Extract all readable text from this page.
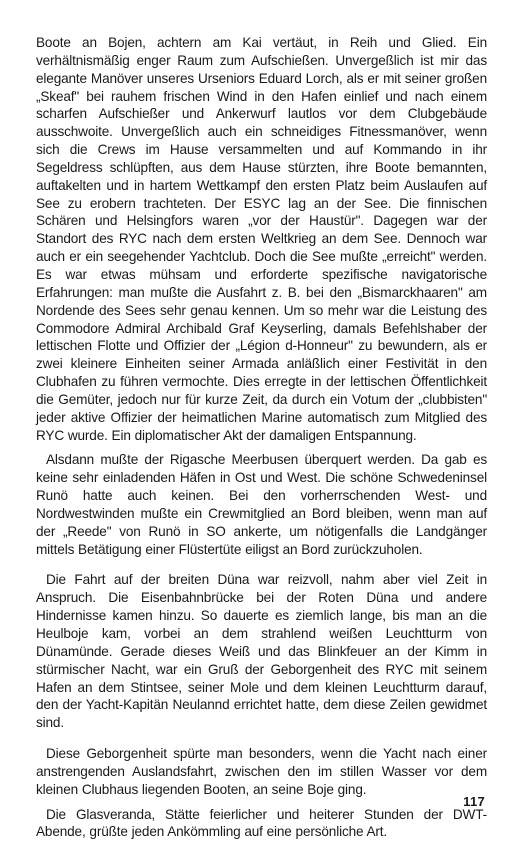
Boote an Bojen, achtern am Kai vertäut, in Reih und Glied. Ein verhältnismäßig enger Raum zum Aufschießen. Unvergeßlich ist mir das elegante Manöver unseres Urseniors Eduard Lorch, als er mit seiner großen „Skeaf" bei rauhem frischen Wind in den Hafen einlief und nach einem scharfen Aufschießer und Ankerwurf lautlos vor dem Clubgebäude ausschwoite. Unvergeßlich auch ein schneidiges Fitnessmanöver, wenn sich die Crews im Hause versammelten und auf Kommando in ihr Segeldress schlüpften, aus dem Hause stürzten, ihre Boote bemannten, auftakelten und in hartem Wettkampf den ersten Platz beim Auslaufen auf See zu erobern trachteten. Der ESYC lag an der See. Die finnischen Schären und Helsingfors waren „vor der Haustür". Dagegen war der Standort des RYC nach dem ersten Weltkrieg an dem See. Dennoch war auch er ein seegehender Yachtclub. Doch die See mußte „erreicht" werden. Es war etwas mühsam und erforderte spezifische navigatorische Erfahrungen: man mußte die Ausfahrt z. B. bei den „Bismarckhaaren" am Nordende des Sees sehr genau kennen. Um so mehr war die Leistung des Commodore Admiral Archibald Graf Keyserling, damals Befehlshaber der lettischen Flotte und Offizier der „Légion d-Honneur" zu bewundern, als er zwei kleinere Einheiten seiner Armada anläßlich einer Festivität in den Clubhafen zu führen vermochte. Dies erregte in der lettischen Öffentlichkeit die Gemüter, jedoch nur für kurze Zeit, da durch ein Votum der „clubbisten" jeder aktive Offizier der heimatlichen Marine automatisch zum Mitglied des RYC wurde. Ein diplomatischer Akt der damaligen Entspannung.

Alsdann mußte der Rigasche Meerbusen überquert werden. Da gab es keine sehr einladenden Häfen in Ost und West. Die schöne Schwedeninsel Runö hatte auch keinen. Bei den vorherrschenden West- und Nordwestwinden mußte ein Crewmitglied an Bord bleiben, wenn man auf der „Reede" von Runö in SO ankerte, um nötigenfalls die Landgänger mittels Betätigung einer Flüstertüte eiligst an Bord zurückzuholen.

Die Fahrt auf der breiten Düna war reizvoll, nahm aber viel Zeit in Anspruch. Die Eisenbahnbrücke bei der Roten Düna und andere Hindernisse kamen hinzu. So dauerte es ziemlich lange, bis man an die Heulboje kam, vorbei an dem strahlend weißen Leuchtturm von Dünamünde. Gerade dieses Weiß und das Blinkfeuer an der Kimm in stürmischer Nacht, war ein Gruß der Geborgenheit des RYC mit seinem Hafen an dem Stintsee, seiner Mole und dem kleinen Leuchtturm darauf, den der Yacht-Kapitän Neulannd errichtet hatte, dem diese Zeilen gewidmet sind.

Diese Geborgenheit spürte man besonders, wenn die Yacht nach einer anstrengenden Auslandsfahrt, zwischen den im stillen Wasser vor dem kleinen Clubhaus liegenden Booten, an seine Boje ging.

Die Glasveranda, Stätte feierlicher und heiterer Stunden der DWT-Abende, grüßte jeden Ankömmling auf eine persönliche Art.

117
